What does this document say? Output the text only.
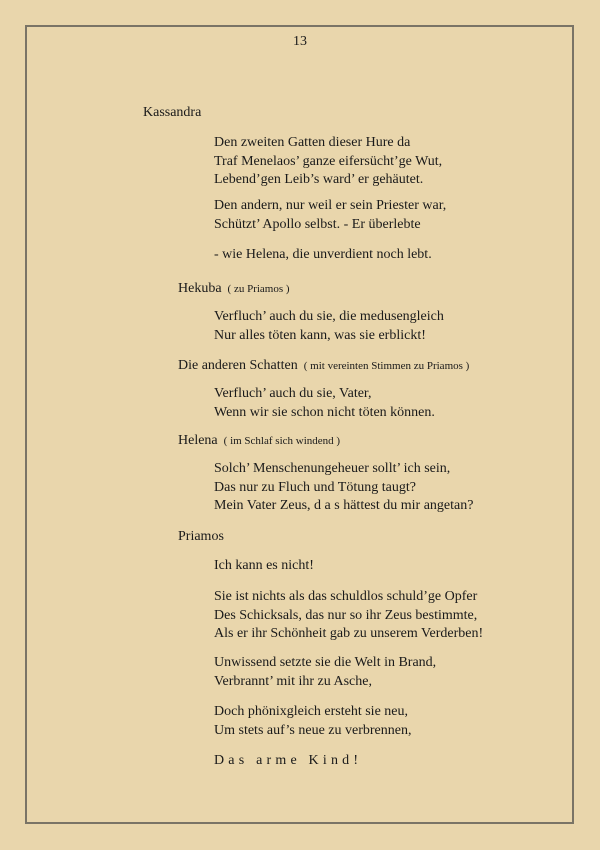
13
Kassandra
Den zweiten Gatten dieser Hure da
Traf Menelaos’ ganze eifersücht’ge Wut,
Lebend’gen Leib’s ward’ er gehäutet.
Den andern, nur weil er sein Priester war,
Schützt’ Apollo selbst. - Er überlebte
- wie Helena, die unverdient noch lebt.
Hekuba ( zu Priamos )
Verfluch’ auch du sie, die medusengleich
Nur alles töten kann, was sie erblickt!
Die anderen Schatten ( mit vereinten Stimmen zu Priamos )
Verfluch’ auch du sie, Vater,
Wenn wir sie schon nicht töten können.
Helena ( im Schlaf sich windend )
Solch’ Menschenungeheuer sollt’ ich sein,
Das nur zu Fluch und Tötung taugt?
Mein Vater Zeus, d a s hättest du mir angetan?
Priamos
Ich kann es nicht!
Sie ist nichts als das schuldlos schuld’ge Opfer
Des Schicksals, das nur so ihr Zeus bestimmte,
Als er ihr Schönheit gab zu unserem Verderben!
Unwissend setzte sie die Welt in Brand,
Verbrannt’ mit ihr zu Asche,
Doch phönixgleich ersteht sie neu,
Um stets auf’s neue zu verbrennen,
Das arme Kind!
